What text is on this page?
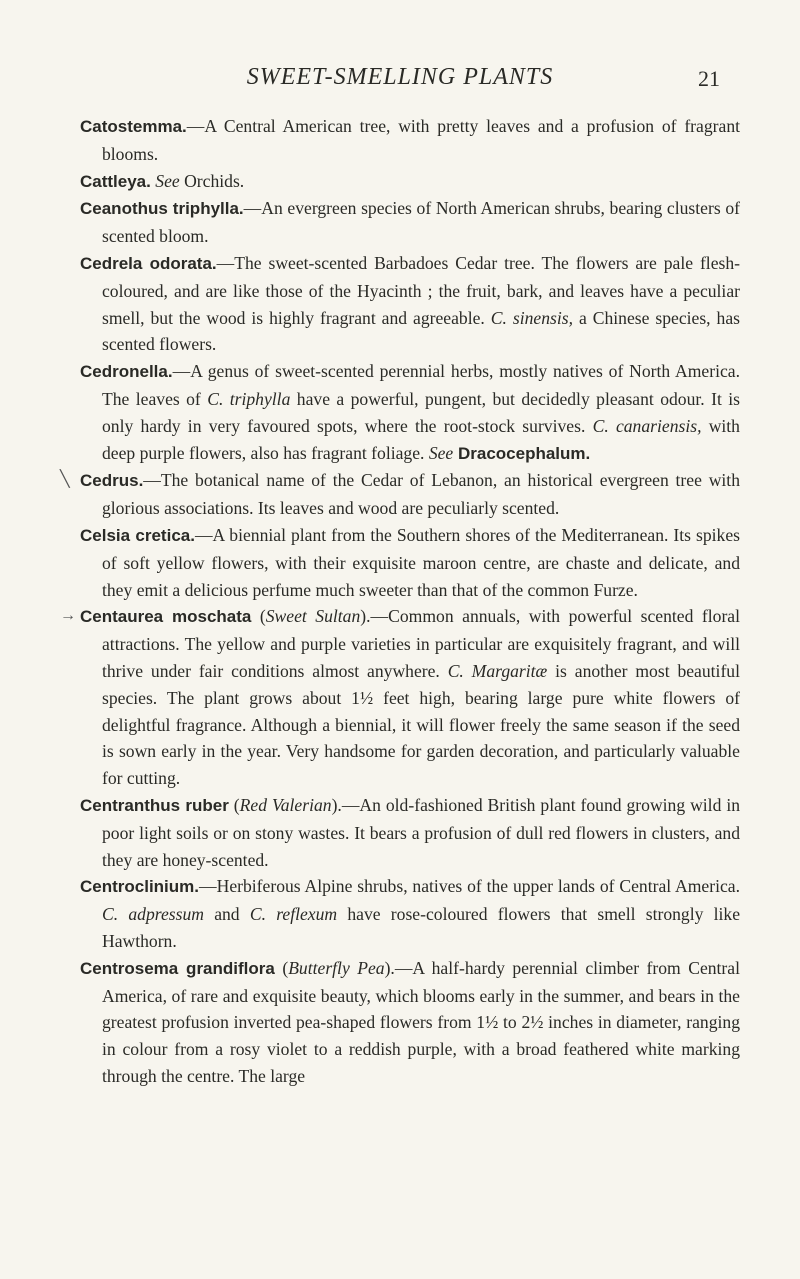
SWEET-SMELLING PLANTS	21
Catostemma.—A Central American tree, with pretty leaves and a profusion of fragrant blooms.
Cattleya. See Orchids.
Ceanothus triphylla.—An evergreen species of North American shrubs, bearing clusters of scented bloom.
Cedrela odorata.—The sweet-scented Barbadoes Cedar tree. The flowers are pale flesh-coloured, and are like those of the Hyacinth ; the fruit, bark, and leaves have a peculiar smell, but the wood is highly fragrant and agreeable. C. sinensis, a Chinese species, has scented flowers.
Cedronella.—A genus of sweet-scented perennial herbs, mostly natives of North America. The leaves of C. triphylla have a powerful, pungent, but decidedly pleasant odour. It is only hardy in very favoured spots, where the root-stock survives. C. canariensis, with deep purple flowers, also has fragrant foliage. See Dracocephalum.
╲ Cedrus.—The botanical name of the Cedar of Lebanon, an historical evergreen tree with glorious associations. Its leaves and wood are peculiarly scented.
Celsia cretica.—A biennial plant from the Southern shores of the Mediterranean. Its spikes of soft yellow flowers, with their exquisite maroon centre, are chaste and delicate, and they emit a delicious perfume much sweeter than that of the common Furze.
→ Centaurea moschata (Sweet Sultan).—Common annuals, with powerful scented floral attractions. The yellow and purple varieties in particular are exquisitely fragrant, and will thrive under fair conditions almost anywhere. C. Margaritæ is another most beautiful species. The plant grows about 1½ feet high, bearing large pure white flowers of delightful fragrance. Although a biennial, it will flower freely the same season if the seed is sown early in the year. Very handsome for garden decoration, and particularly valuable for cutting.
Centranthus ruber (Red Valerian).—An old-fashioned British plant found growing wild in poor light soils or on stony wastes. It bears a profusion of dull red flowers in clusters, and they are honey-scented.
Centroclinium.—Herbiferous Alpine shrubs, natives of the upper lands of Central America. C. adpressum and C. reflexum have rose-coloured flowers that smell strongly like Hawthorn.
Centrosema grandiflora (Butterfly Pea).—A half-hardy perennial climber from Central America, of rare and exquisite beauty, which blooms early in the summer, and bears in the greatest profusion inverted pea-shaped flowers from 1½ to 2½ inches in diameter, ranging in colour from a rosy violet to a reddish purple, with a broad feathered white marking through the centre. The large
